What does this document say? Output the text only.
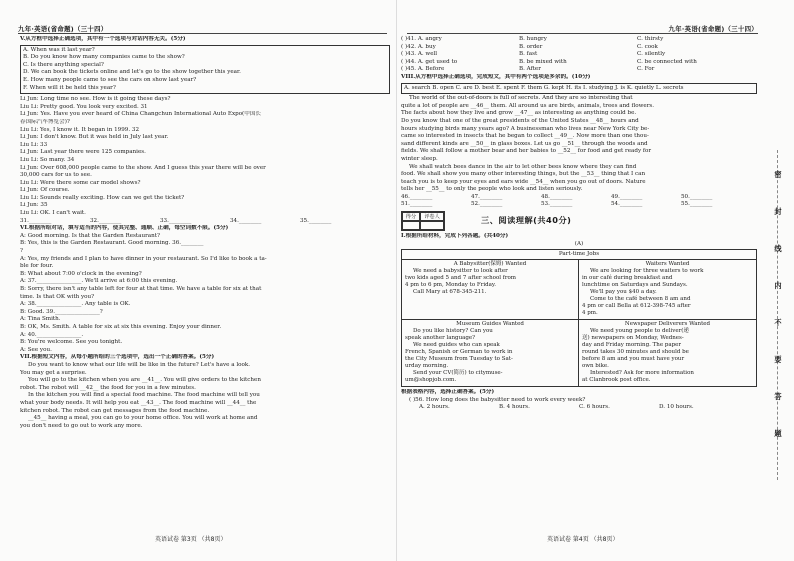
九年·英语(省命题)（三十四）
V.从方框中选择正确选项，其中有一个选项与对话内容无关。(5分)
A. When was it last year?
B. Do you know how many companies came to the show?
C. Is there anything special?
D. We can book the tickets online and let's go to the show together this year.
E. How many people came to see the cars on show last year?
F. When will it be held this year?
Li Jun: Long time no see. How is it going these days?
Liu Li: Pretty good. You look very excited. 31
Li Jun: Yes. Have you ever heard of China Changchun International Auto Expo(中国长
春国际汽车博览会)?
Liu Li: Yes, I know it. It began in 1999. 32
Li Jun: I don't know. But it was held in July last year.
Liu Li: 33
Li Jun: Last year there were 125 companies.
Liu Li: So many. 34
Li Jun: Over 608,000 people came to the show. And I guess this year there will be over
30,000 cars for us to see.
Liu Li: Were there some car model shows?
Li Jun: Of course.
Liu Li: Sounds really exciting. How can we get the ticket?
Li Jun: 35
Liu Li: OK. I can't wait.
31.________	32.________	33.________	34.________	35.________
VI.根据所给对话，填写适当的内容，使其完整、通顺、正确，每空词数不限。(5分)
A: Good morning. Is that the Garden Restaurant?
B: Yes, this is the Garden Restaurant. Good morning. 36.________
?
A: Yes, my friends and I plan to have dinner in your restaurant. So I'd like to book a ta-
ble for four.
B: What about 7:00 o'clock in the evening?
A: 37.________________. We'll arrive at 6:00 this evening.
B: Sorry, there isn't any table left for four at that time. We have a table for six at that
time. Is that OK with you?
A: 38.________________. Any table is OK.
B: Good. 39.________________?
A: Tina Smith.
B: OK, Ms. Smith. A table for six at six this evening. Enjoy your dinner.
A: 40.________________.
B: You're welcome. See you tonight.
A: See you.
VII.根据短文内容，从每小题所给的三个选项中，选出一个正确的答案。(5分)
Do you want to know what our life will be like in the future? Let's have a look.
You may get a surprise.
You will go to the kitchen when you are __41__. You will give orders to the kitchen
robot. The robot will __42__ the food for you in a few minutes.
In the kitchen you will find a special food machine. The food machine will tell you
what your body needs. It will help you eat __43__. The food machine will __44__ the
kitchen robot. The robot can get messages from the food machine.
__45__ having a meal, you can go to your home office. You will work at home and
you don't need to go out to work any more.
英语试卷 第3页 （共8页）
九年·英语(省命题)（三十四）
( )41. A. angry	B. hungry	C. thirsty
( )42. A. buy	B. order	C. cook
( )43. A. well	B. fast	C. silently
( )44. A. get used to	B. be mixed with	C. be connected with
( )45. A. Before	B. After	C. For
VIII.从方框中选择正确选项，完成短文，其中有两个选项是多余的。(10分)
A. search B. open C. are D. best E. spent F. them G. kept H. its I. studying J. is K. quietly L. secrets
The world of the out-of-doors is full of secrets. And they are so interesting that
quite a lot of people are __46__ them. All around us are birds, animals, trees and flowers.
The facts about how they live and grow __47__ as interesting as anything could be.
Do you know that one of the great presidents of the United States __48__ hours and
hours studying birds many years ago? A businessman who lives near New York City be-
came so interested in insects that he began to collect __49__. Now more than one thou-
sand different kinds are __50__ in glass boxes. Let us go __51__ through the woods and
fields. We shall follow a mother bear and her babies to __52__ for food and get ready for
winter sleep.
We shall watch bees dance in the air to let other bees know where they can find
food. We shall show you many other interesting things, but the __53__ thing that I can
teach you is to keep your eyes and ears wide __54__ when you go out of doors. Nature
tells her __55__ to only the people who look and listen seriously.
46.________	47.________	48.________	49.________	50.________
51.________	52.________	53.________	54.________	55.________
得分	评卷人	三、阅读理解(共40分)
I.根据所给材料，完成下列各题。(共40分)
(A)
Part-time Jobs
A Babysitter(保姆) Wanted
We need a babysitter to look after
two kids aged 5 and 7 after school from
4 pm to 6 pm, Monday to Friday.
Call Mary at 678-345-211.
Waiters Wanted
We are looking for three waiters to work
in our café during breakfast and
lunchtime on Saturdays and Sundays.
We'll pay you $40 a day.
Come to the café between 8 am and
4 pm or call Bella at 612-398-745 after
4 pm.
Museum Guides Wanted
Do you like history? Can you
speak another language?
We need guides who can speak
French, Spanish or German to work in
the City Museum from Tuesday to Sat-
urday morning.
Send your CV(简历) to citymuse-
um@shopjob.com.
Newspaper Deliverers Wanted
We need young people to deliver(递
送) newspapers on Monday, Wednes-
day and Friday morning. The paper
round takes 30 minutes and should be
before 8 am and you must have your
own bike.
Interested? Ask for more information
at Clanbrook post office.
根据表格内容，选择正确答案。(5分)
( )56. How long does the babysitter need to work every week?
A. 2 hours.	B. 4 hours.	C. 6 hours.	D. 10 hours.
英语试卷 第4页 （共8页）
密
封
线
内
不
要
答
题
